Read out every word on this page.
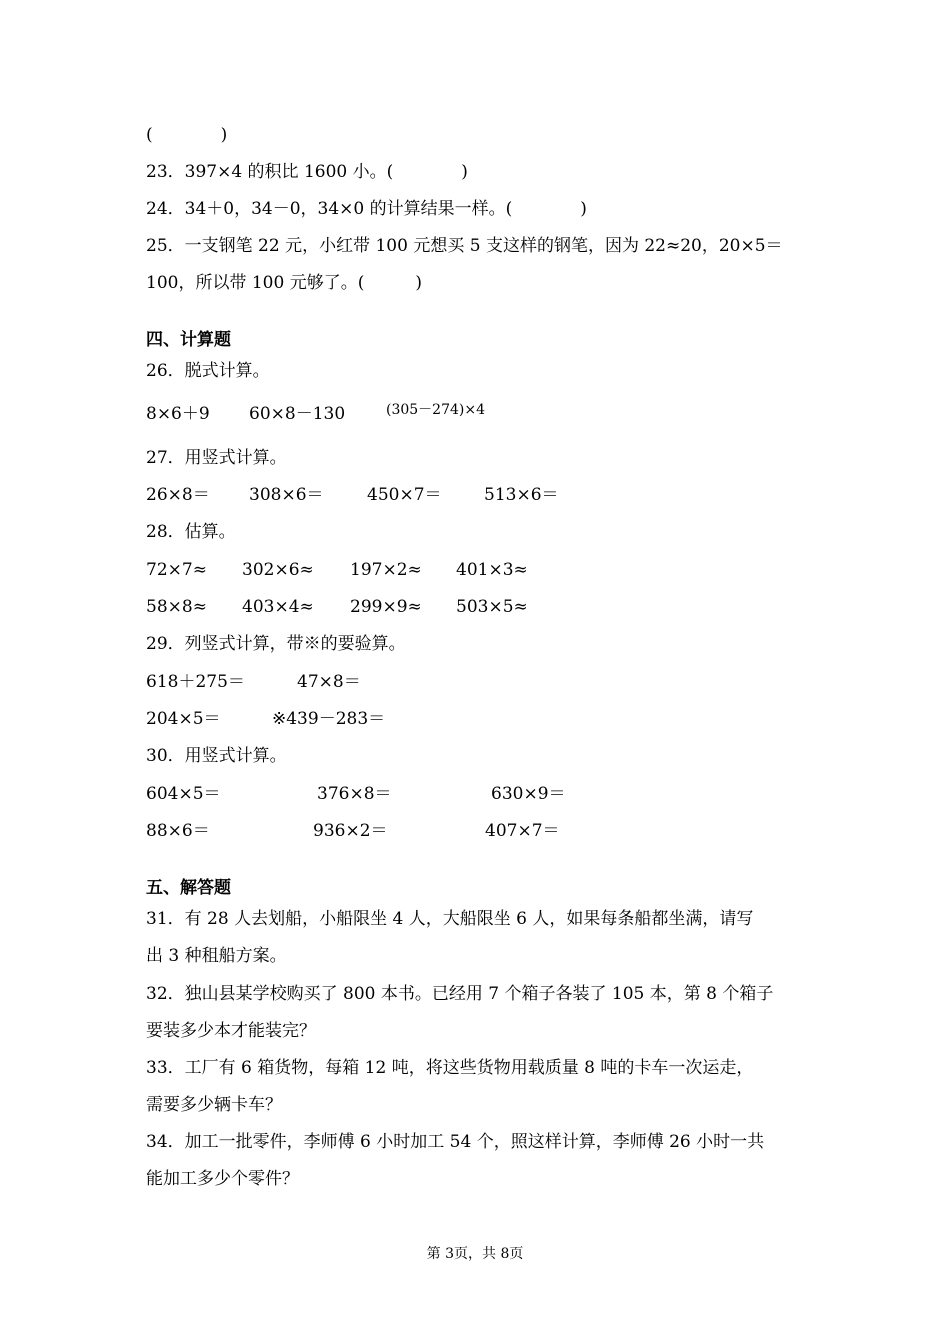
(　　　　)
23．397×4 的积比 1600 小。(　　　　)
24．34＋0，34－0，34×0 的计算结果一样。(　　　　)
25．一支钢笔 22 元，小红带 100 元想买 5 支这样的钢笔，因为 22≈20，20×5＝
100，所以带 100 元够了。(　　　)
四、计算题
26．脱式计算。
8×6＋9 60×8－130	(305－274)×4
27．用竖式计算。
26×8＝ 308×6＝	450×7＝ 513×6＝
28．估算。
72×7≈ 302×6≈ 197×2≈ 401×3≈
58×8≈ 403×4≈ 299×9≈ 503×5≈
29．列竖式计算，带※的要验算。
618＋275＝	47×8＝
204×5＝	※439－283＝
30．用竖式计算。
604×5＝	376×8＝	630×9＝
88×6＝	936×2＝	407×7＝
五、解答题
31．有 28 人去划船，小船限坐 4 人，大船限坐 6 人，如果每条船都坐满，请写
出 3 种租船方案。
32．独山县某学校购买了 800 本书。已经用 7 个箱子各装了 105 本，第 8 个箱子
要装多少本才能装完？
33．工厂有 6 箱货物，每箱 12 吨，将这些货物用载质量 8 吨的卡车一次运走，
需要多少辆卡车？
34．加工一批零件，李师傅 6 小时加工 54 个，照这样计算，李师傅 26 小时一共
能加工多少个零件？
第 3页，共 8页
